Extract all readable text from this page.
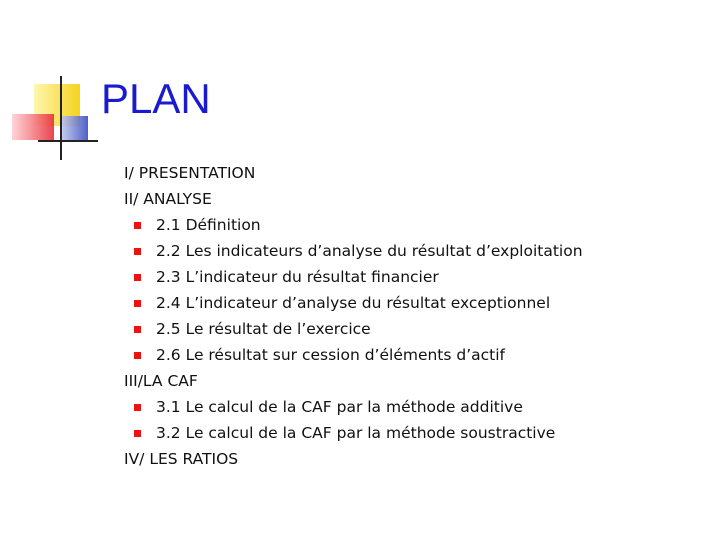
PLAN
I/ PRESENTATION
II/ ANALYSE
2.1 Définition
2.2 Les indicateurs d’analyse du résultat d’exploitation
2.3 L’indicateur du résultat financier
2.4 L’indicateur d’analyse du résultat exceptionnel
2.5 Le résultat de l’exercice
2.6 Le résultat sur cession d’éléments d’actif
III/LA CAF
3.1 Le calcul de la CAF par la méthode additive
3.2 Le calcul de la CAF par la méthode soustractive
IV/ LES RATIOS
